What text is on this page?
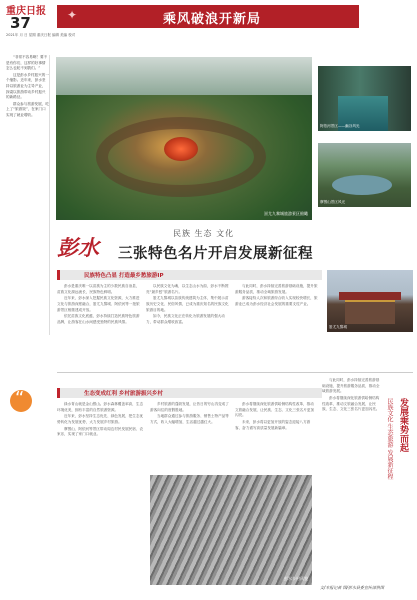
重庆日报
37
2021年 月 日 星期 重庆日报 编辑 美编 校对
✦	乘风破浪开新局

“非常不容易啊！要不是有你们，这样的好事情怎么也轮不到我们。”

这是彭水乡村振兴的一个缩影。近年来，彭水坚持以旅游业为主导产业，探索以旅游带动乡村振兴的新路径。

群众参与旅游发展，吃上了“旅游饭”，在家门口实现了就业增收。

蚩尤九黎城旅游景区俯瞰
阿依河景区——幽谷风光
摩围山景区风光
彭水
民族 生态 文化
三张特色名片开启发展新征程
民族特色凸显 打造最乡愁旅游IP

彭水是重庆唯一以苗族为主的少数民族自治县，苗族文化源远流长，民族特色鲜明。

近年来，彭水深入挖掘民族文化资源，大力推进文化与旅游深度融合，蚩尤九黎城、阿依河等一批旅游景区相继建成开放。

依托苗族文化底蕴，彭水持续打造民族特色旅游品牌，让游客在山水间感受独特的民族风情。

以民族文化为魂，以生态山水为韵，彭水不断擦亮“最乡愁”旅游名片。

蚩尤九黎城以苗族传统建筑为主体，集中展示苗族历史文化、民俗风情，已成为重庆知名的民族文化旅游目的地。

如今，民族文化正在转化为旅游发展的强大动力，带动群众增收致富。

与此同时，彭水持续完善旅游基础设施，提升旅游服务品质，推动全域旅游发展。

游客接待人次和旅游综合收入实现较快增长，旅游业已成为彭水经济社会发展的重要支柱产业。

蚩尤九黎城
“
生态变成红利 乡村旅游振兴乡村

绿水青山就是金山银山。彭水森林覆盖率高，生态环境优美，拥有丰富的自然旅游资源。

近年来，彭水坚持生态优先、绿色发展，把生态优势转化为发展优势，大力发展乡村旅游。

摩围山、阿依河等景区带动周边村民发展民宿、农家乐，实现了家门口就业。

乡村旅游的蓬勃发展，让昔日的穷山沟变成了游客向往的度假胜地。

当地群众通过参与旅游服务、销售土特产品等方式，收入大幅增加，生活越过越红火。

彭水将继续深化旅游供给侧结构性改革，推动文旅融合发展，让民族、生态、文化三张名片更加闪亮。

未来，彭水将以更加开放的姿态迎接八方游客，奋力谱写高质量发展新篇章。

与此同时，彭水持续完善旅游基础设施，提升旅游服务品质，推动全域旅游发展。

彭水将继续深化旅游供给侧结构性改革，推动文旅融合发展，让民族、生态、文化三张名片更加闪亮。	发展乘势而起
民族文化 生态旅游 发展新征程
彭水乡村风貌
文/本报记者 图/彭水县委宣传部供图
